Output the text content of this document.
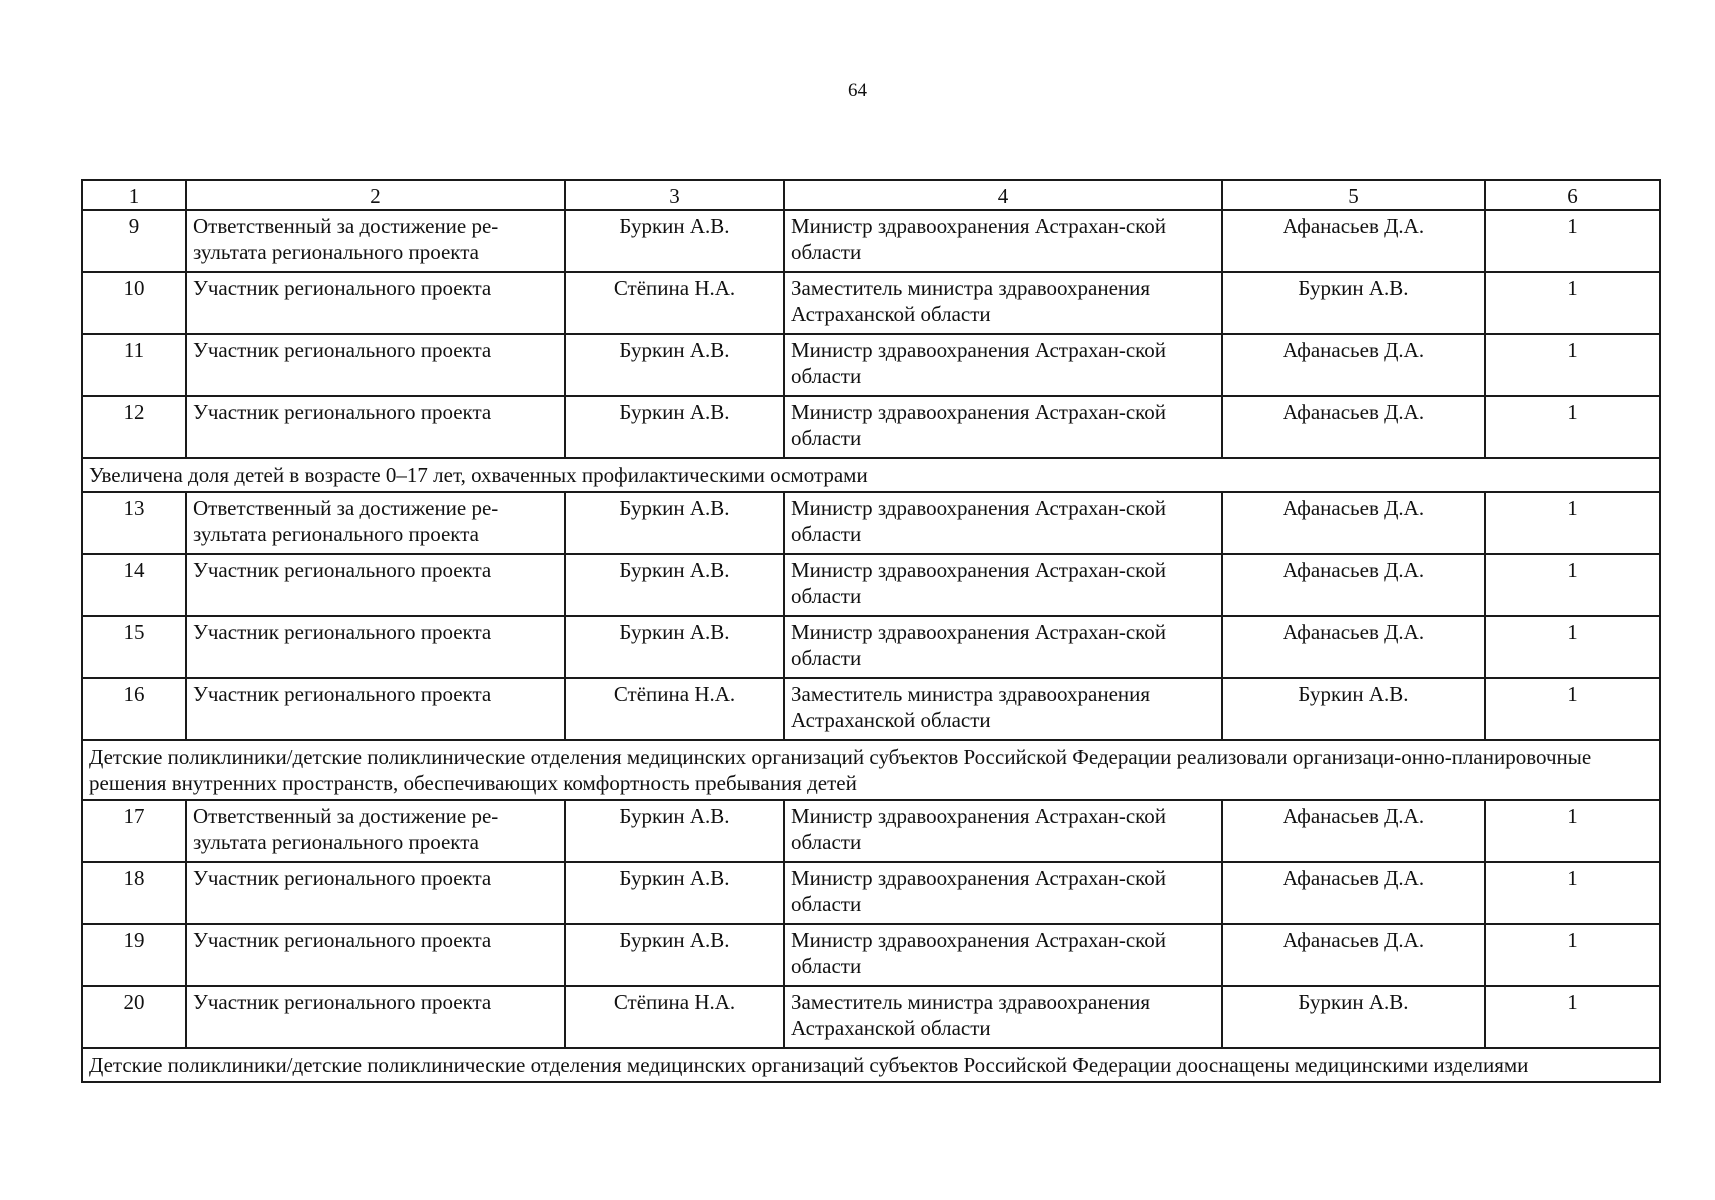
64
1	2	3	4	5	6
9	Ответственный за достижение ре-зультата регионального проекта	Буркин А.В.	Министр здравоохранения Астрахан-ской области	Афанасьев Д.А.	1
10	Участник регионального проекта	Стёпина Н.А.	Заместитель министра здравоохранения Астраханской области	Буркин А.В.	1
11	Участник регионального проекта	Буркин А.В.	Министр здравоохранения Астрахан-ской области	Афанасьев Д.А.	1
12	Участник регионального проекта	Буркин А.В.	Министр здравоохранения Астрахан-ской области	Афанасьев Д.А.	1
Увеличена доля детей в возрасте 0–17 лет, охваченных профилактическими осмотрами					
13	Ответственный за достижение ре-зультата регионального проекта	Буркин А.В.	Министр здравоохранения Астрахан-ской области	Афанасьев Д.А.	1
14	Участник регионального проекта	Буркин А.В.	Министр здравоохранения Астрахан-ской области	Афанасьев Д.А.	1
15	Участник регионального проекта	Буркин А.В.	Министр здравоохранения Астрахан-ской области	Афанасьев Д.А.	1
16	Участник регионального проекта	Стёпина Н.А.	Заместитель министра здравоохранения Астраханской области	Буркин А.В.	1
Детские поликлиники/детские поликлинические отделения медицинских организаций субъектов Российской Федерации реализовали организаци-онно-планировочные решения внутренних пространств, обеспечивающих комфортность пребывания детей					
17	Ответственный за достижение ре-зультата регионального проекта	Буркин А.В.	Министр здравоохранения Астрахан-ской области	Афанасьев Д.А.	1
18	Участник регионального проекта	Буркин А.В.	Министр здравоохранения Астрахан-ской области	Афанасьев Д.А.	1
19	Участник регионального проекта	Буркин А.В.	Министр здравоохранения Астрахан-ской области	Афанасьев Д.А.	1
20	Участник регионального проекта	Стёпина Н.А.	Заместитель министра здравоохранения Астраханской области	Буркин А.В.	1
Детские поликлиники/детские поликлинические отделения медицинских организаций субъектов Российской Федерации дооснащены медицинскими изделиями					
